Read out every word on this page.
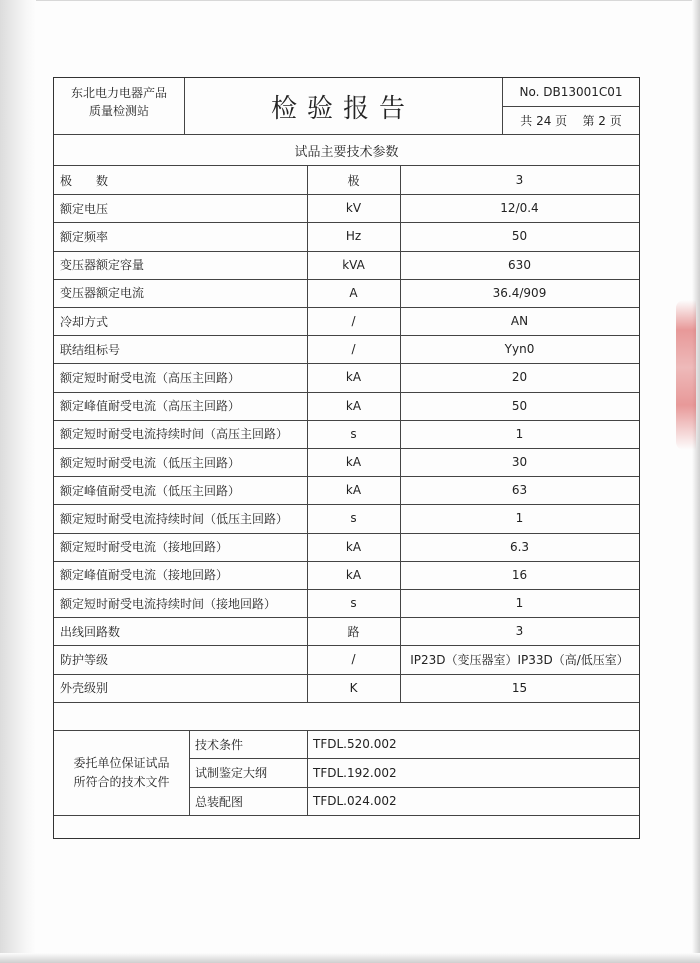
东北电力电器产品
质量检测站	检验报告
No. DB13001C01
共 24 页    第 2 页
试品主要技术参数
极　　数	极	3
额定电压	kV	12/0.4
额定频率	Hz	50
变压器额定容量	kVA	630
变压器额定电流	A	36.4/909
冷却方式	/	AN
联结组标号	/	Yyn0
额定短时耐受电流（高压主回路）	kA	20
额定峰值耐受电流（高压主回路）	kA	50
额定短时耐受电流持续时间（高压主回路）	s	1
额定短时耐受电流（低压主回路）	kA	30
额定峰值耐受电流（低压主回路）	kA	63
额定短时耐受电流持续时间（低压主回路）	s	1
额定短时耐受电流（接地回路）	kA	6.3
额定峰值耐受电流（接地回路）	kA	16
额定短时耐受电流持续时间（接地回路）	s	1
出线回路数	路	3
防护等级	/	IP23D（变压器室）IP33D（高/低压室）
外壳级别	K	15
委托单位保证试品
所符合的技术文件
技术条件	TFDL.520.002
试制鉴定大纲	TFDL.192.002
总装配图	TFDL.024.002
